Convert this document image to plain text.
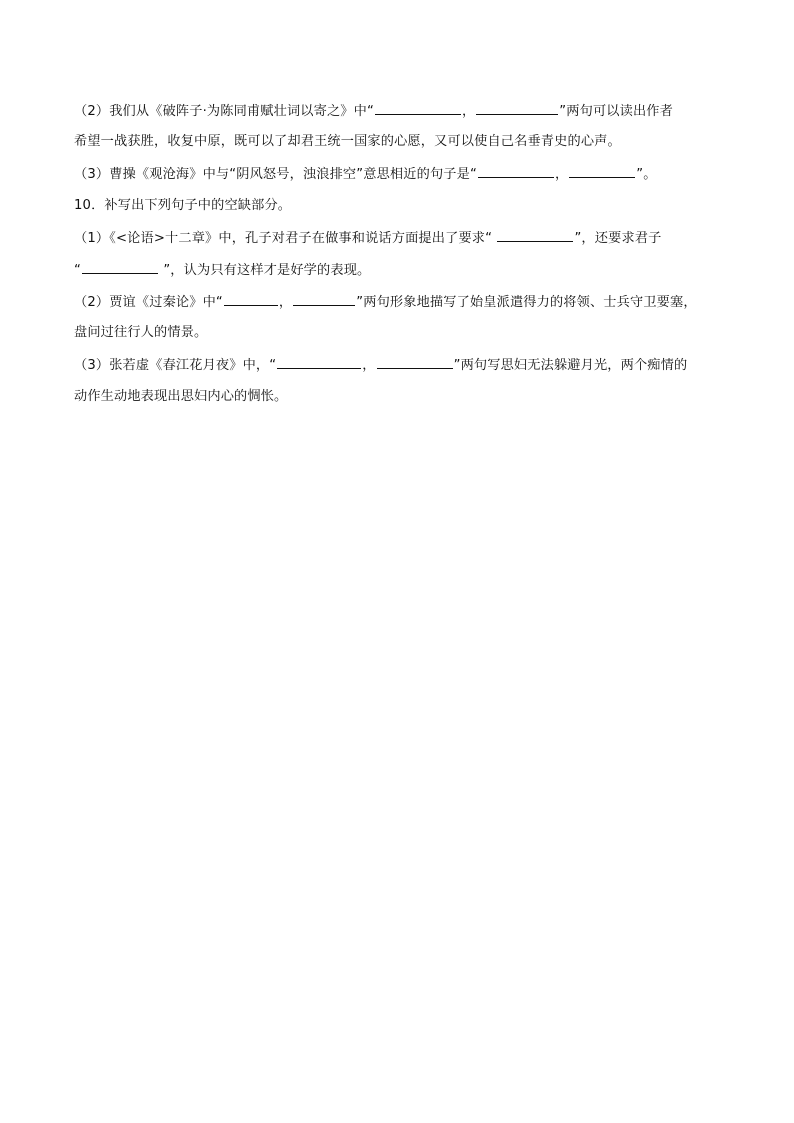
（2）我们从《破阵子·为陈同甫赋壮词以寄之》中“	，	”两句可以读出作者
希望一战获胜，收复中原，既可以了却君王统一国家的心愿，又可以使自己名垂青史的心声。
（3）曹操《观沧海》中与“阴风怒号，浊浪排空”意思相近的句子是“	，	”。
10．补写出下列句子中的空缺部分。
（1）《<论语>十二章》中，孔子对君子在做事和说话方面提出了要求“	”，还要求君子
“	”，认为只有这样才是好学的表现。
（2）贾谊《过秦论》中“	，	”两句形象地描写了始皇派遣得力的将领、士兵守卫要塞，
盘问过往行人的情景。
（3）张若虚《春江花月夜》中，“	，	”两句写思妇无法躲避月光，两个痴情的
动作生动地表现出思妇内心的惆怅。
